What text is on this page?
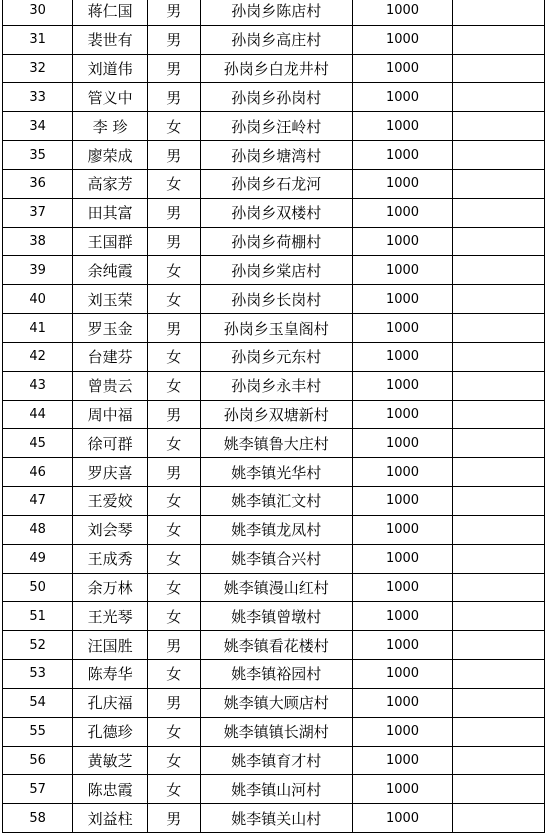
30	蒋仁国	男	孙岗乡陈店村	1000	
31	裴世有	男	孙岗乡高庄村	1000	
32	刘道伟	男	孙岗乡白龙井村	1000	
33	管义中	男	孙岗乡孙岗村	1000	
34	李 珍	女	孙岗乡汪岭村	1000	
35	廖荣成	男	孙岗乡塘湾村	1000	
36	高家芳	女	孙岗乡石龙河	1000	
37	田其富	男	孙岗乡双楼村	1000	
38	王国群	男	孙岗乡荷棚村	1000	
39	余纯霞	女	孙岗乡棠店村	1000	
40	刘玉荣	女	孙岗乡长岗村	1000	
41	罗玉金	男	孙岗乡玉皇阁村	1000	
42	台建芬	女	孙岗乡元东村	1000	
43	曾贵云	女	孙岗乡永丰村	1000	
44	周中福	男	孙岗乡双塘新村	1000	
45	徐可群	女	姚李镇鲁大庄村	1000	
46	罗庆喜	男	姚李镇光华村	1000	
47	王爱姣	女	姚李镇汇文村	1000	
48	刘会琴	女	姚李镇龙凤村	1000	
49	王成秀	女	姚李镇合兴村	1000	
50	余万林	女	姚李镇漫山红村	1000	
51	王光琴	女	姚李镇曾墩村	1000	
52	汪国胜	男	姚李镇看花楼村	1000	
53	陈寿华	女	姚李镇裕园村	1000	
54	孔庆福	男	姚李镇大顾店村	1000	
55	孔德珍	女	姚李镇镇长湖村	1000	
56	黄敏芝	女	姚李镇育才村	1000	
57	陈忠霞	女	姚李镇山河村	1000	
58	刘益柱	男	姚李镇关山村	1000	
